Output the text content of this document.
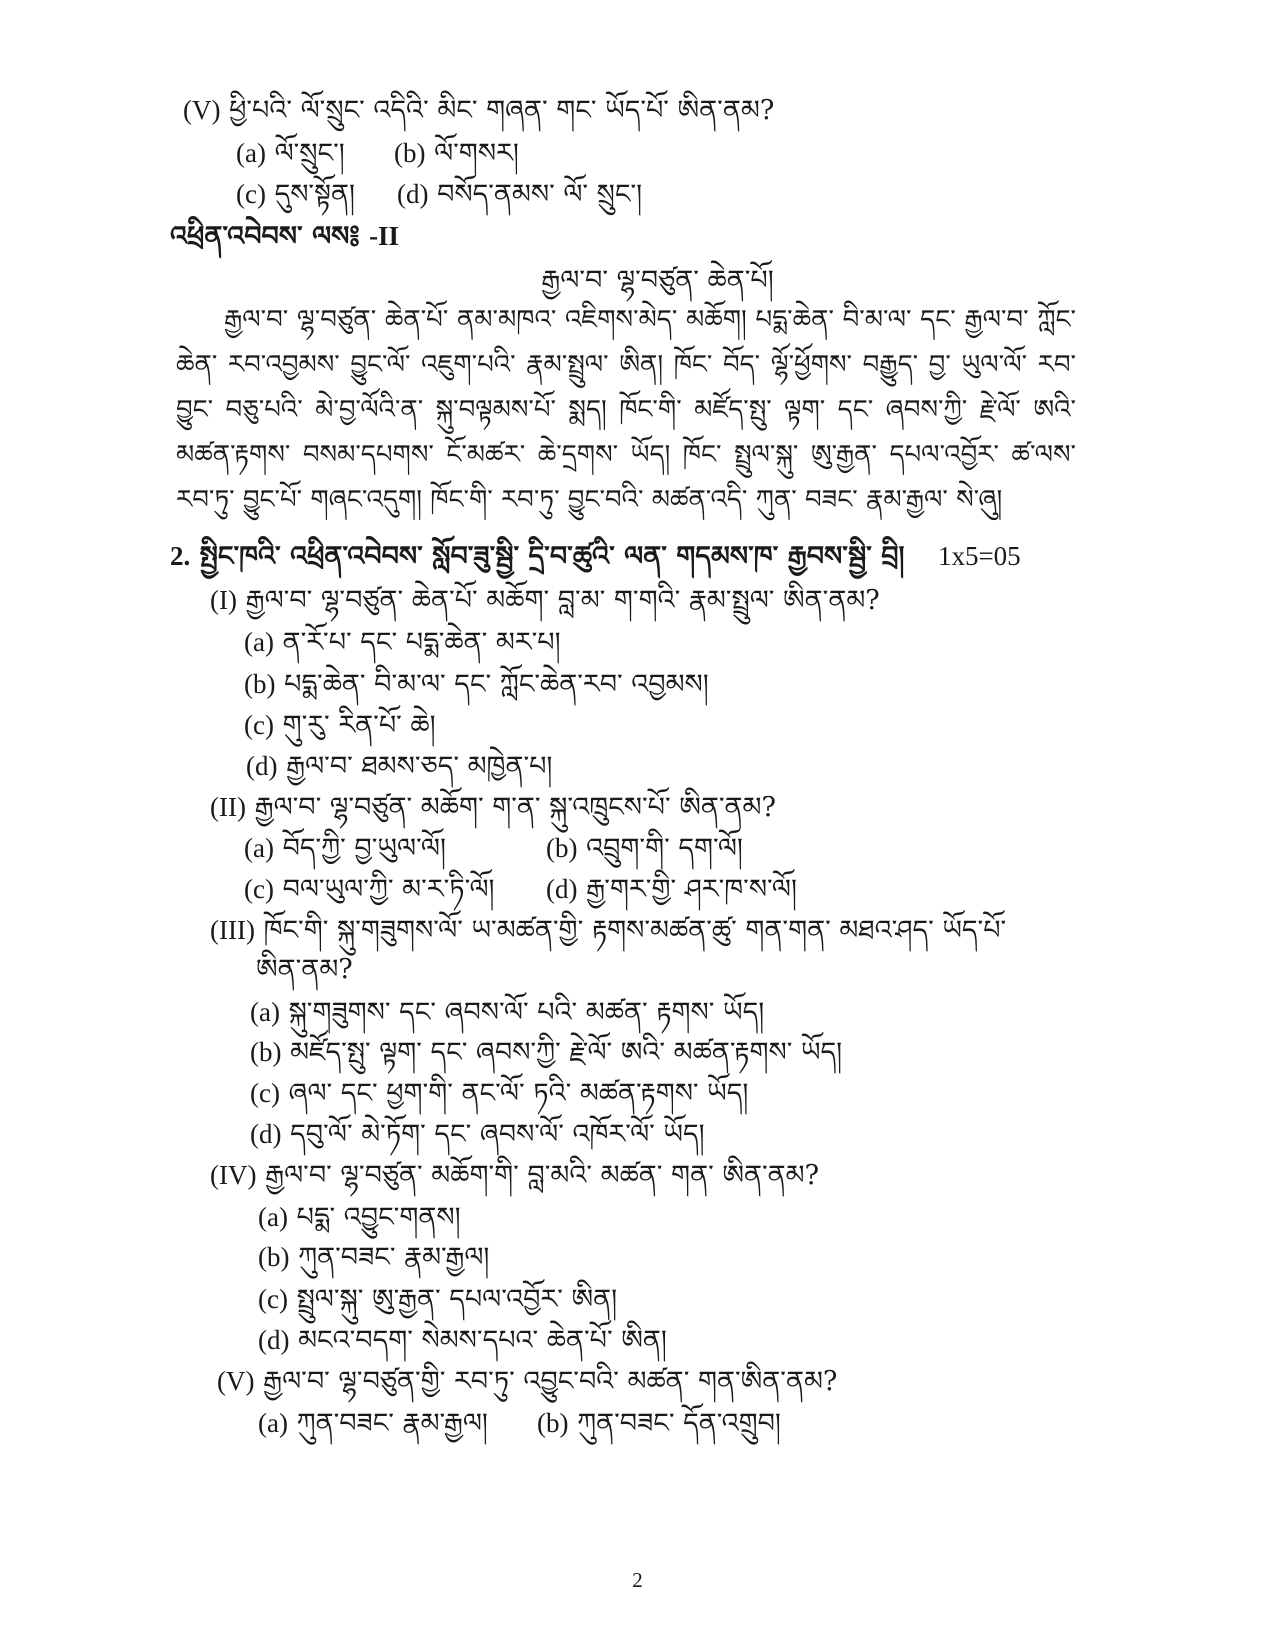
(V) ཕྱི་པའི་ ལོ་སྲུང་ འདིའི་ མིང་ གཞན་ གང་ ཡོད་པོ་ ཨིན་ནམ?
(a) ལོ་སྲུང་། (b) ལོ་གསར།
(c) དུས་སྟོན། (d) བསོད་ནམས་ ལོ་ སྲུང་།
འཕྲིན་འབེབས་ ལས༔ -II
རྒྱལ་བ་ ལྷ་བཙུན་ ཆེན་པོ།
རྒྱལ་བ་ ལྷ་བཙུན་ ཆེན་པོ་ ནམ་མཁའ་ འཇིགས་མེད་ མཆོག། པདྨ་ཆེན་ བི་མ་ལ་ དང་ རྒྱལ་བ་ ཀློང་ཆེན་ རབ་འབྱམས་ བྱུང་ལོ་ འཇུག་པའི་ རྣམ་སྤྲུལ་ ཨིན། ཁོང་ བོད་ ལྷོ་ཕྱོགས་ བརྒྱུད་ བྱ་ ཡུལ་ལོ་ རབ་བྱུང་ བཅུ་པའི་ མེ་བྱ་ལོའི་ན་ སྐུ་བལྟམས་པོ་ སྨད། ཁོང་གི་ མཛོད་སྤུ་ ལྟག་ དང་ ཞབས་ཀྱི་ རྗེ་ལོ་ ཨའི་ མཚན་རྟགས་ བསམ་དཔགས་ ངོ་མཚར་ ཆེ་དྲགས་ ཡོད། ཁོང་ སྤྲུལ་སྐུ་ ཨུ་རྒྱན་ དཔལ་འབྱོར་ ཚ་ལས་ རབ་ཏུ་ བྱུང་པོ་ གཞང་འདུག། ཁོང་གི་ རབ་ཏུ་ བྱུང་བའི་ མཚན་འདི་ ཀུན་ བཟང་ རྣམ་རྒྱལ་ སེ་ཞུ།
2. སྤྱིང་ཁའི་ འཕྲིན་འབེབས་ སློབ་ཟུ་སྦྱི་ དྲི་བ་ཚུའི་ ལན་ གདམས་ཁ་ རྒྱབས་སྦྱི་ བྲི། 1x5=05
(I) རྒྱལ་བ་ ལྷ་བཙུན་ ཆེན་པོ་ མཆོག་ བླ་མ་ ག་གའི་ རྣམ་སྤྲུལ་ ཨིན་ནམ?
(a) ན་རོ་པ་ དང་ པདྨ་ཆེན་ མར་པ།
(b) པདྨ་ཆེན་ བི་མ་ལ་ དང་ ཀློང་ཆེན་རབ་ འབྱམས།
(c) གུ་རུ་ རིན་པོ་ ཆེ།
(d) རྒྱལ་བ་ ཐམས་ཅད་ མཁྱེན་པ།
(II) རྒྱལ་བ་ ལྷ་བཙུན་ མཆོག་ ག་ན་ སྐུ་འཁྲུངས་པོ་ ཨིན་ནམ?
(a) བོད་ཀྱི་ བྱ་ཡུལ་ལོ།	(b) འབྲུག་གི་ དག་ལོ།
(c) བལ་ཡུལ་ཀྱི་ མ་ར་ཏི་ལོ། (d) རྒྱ་གར་གྱི་ ཤར་ཁ་ས་ལོ།
(III) ཁོང་གི་ སྐུ་གཟུགས་ལོ་ ཡ་མཚན་གྱི་ རྟགས་མཚན་ཚུ་ གན་གན་ མཐའ་ཤད་ ཡོད་པོ་
ཨིན་ནམ?
(a) སྐུ་གཟུགས་ དང་ ཞབས་ལོ་ པའི་ མཚན་ རྟགས་ ཡོད།
(b) མཛོད་སྤུ་ ལྟག་ དང་ ཞབས་ཀྱི་ རྗེ་ལོ་ ཨའི་ མཚན་རྟགས་ ཡོད།
(c) ཞལ་ དང་ ཕྱག་གི་ ནང་ལོ་ ཏའི་ མཚན་རྟགས་ ཡོད།
(d) དབུ་ལོ་ མེ་ཏོག་ དང་ ཞབས་ལོ་ འཁོར་ལོ་ ཡོད།
(IV) རྒྱལ་བ་ ལྷ་བཙུན་ མཆོག་གི་ བླ་མའི་ མཚན་ གན་ ཨིན་ནམ?
(a) པདྨ་ འབྱུང་གནས།
(b) ཀུན་བཟང་ རྣམ་རྒྱལ།
(c) སྤྲུལ་སྐུ་ ཨུ་རྒྱན་ དཔལ་འབྱོར་ ཨིན།
(d) མངའ་བདག་ སེམས་དཔའ་ ཆེན་པོ་ ཨིན།
(V) རྒྱལ་བ་ ལྷ་བཙུན་གྱི་ རབ་ཏུ་ འབྱུང་བའི་ མཚན་ གན་ཨིན་ནམ?
(a) ཀུན་བཟང་ རྣམ་རྒྱལ། (b) ཀུན་བཟང་ དོན་འགྲུབ།
2
